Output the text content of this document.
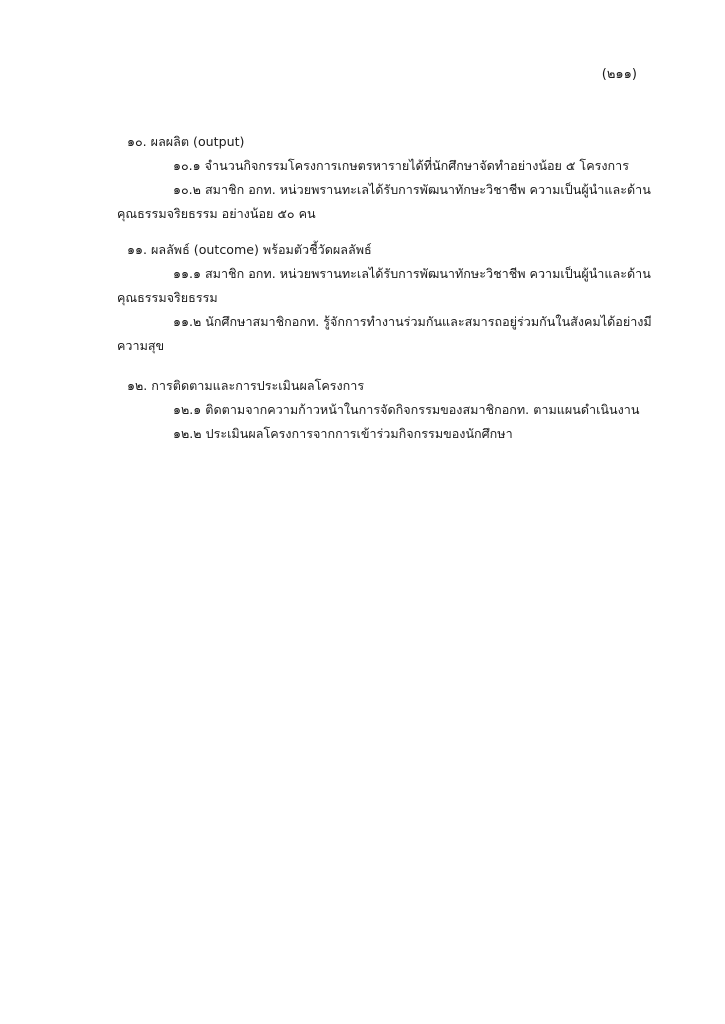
(๒๑๑)
๑๐. ผลผลิต (output)
๑๐.๑ จำนวนกิจกรรมโครงการเกษตรหารายได้ที่นักศึกษาจัดทำอย่างน้อย ๕ โครงการ
๑๐.๒ สมาชิก อกท. หน่วยพรานทะเลได้รับการพัฒนาทักษะวิชาชีพ ความเป็นผู้นำและด้าน
คุณธรรมจริยธรรม อย่างน้อย ๕๐ คน
๑๑. ผลลัพธ์ (outcome) พร้อมตัวชี้วัดผลลัพธ์
๑๑.๑ สมาชิก อกท. หน่วยพรานทะเลได้รับการพัฒนาทักษะวิชาชีพ ความเป็นผู้นำและด้าน
คุณธรรมจริยธรรม
๑๑.๒ นักศึกษาสมาชิกอกท. รู้จักการทำงานร่วมกันและสมารถอยู่ร่วมกันในสังคมได้อย่างมี
ความสุข
๑๒. การติดตามและการประเมินผลโครงการ
๑๒.๑ ติดตามจากความก้าวหน้าในการจัดกิจกรรมของสมาชิกอกท. ตามแผนดำเนินงาน
๑๒.๒ ประเมินผลโครงการจากการเข้าร่วมกิจกรรมของนักศึกษา
